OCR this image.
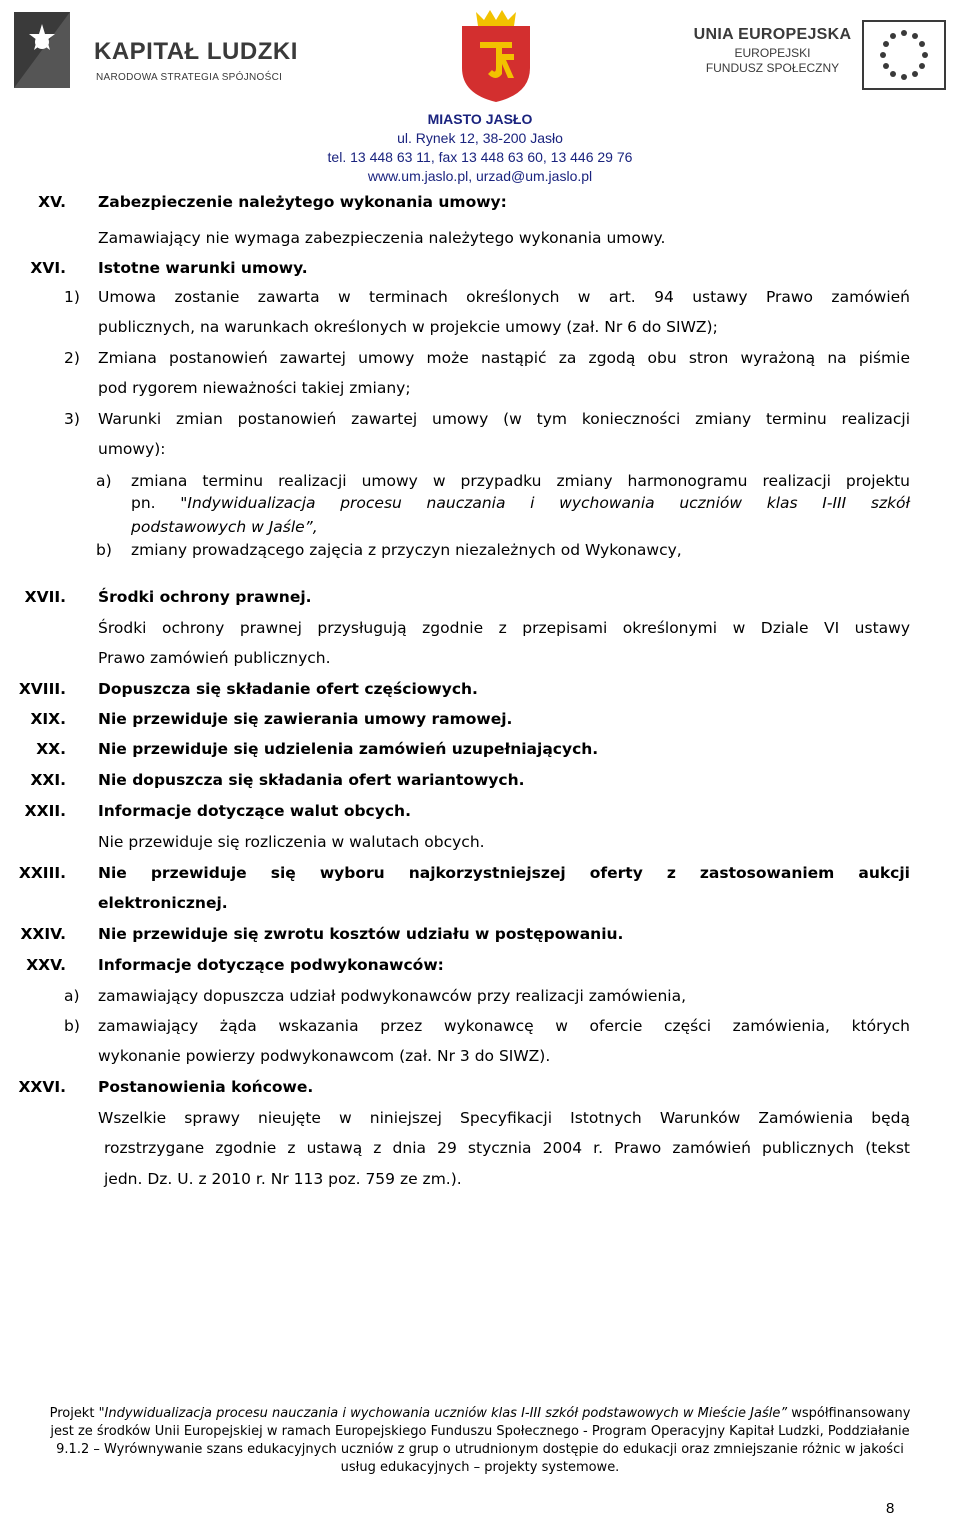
KAPITAŁ LUDZKI
NARODOWA STRATEGIA SPÓJNOŚCI
UNIA EUROPEJSKA
EUROPEJSKI
FUNDUSZ SPOŁECZNY
MIASTO JASŁO
ul. Rynek 12, 38-200 Jasło
tel. 13 448 63 11, fax 13 448 63 60, 13 446 29 76
www.um.jaslo.pl, urzad@um.jaslo.pl
XV. Zabezpieczenie należytego wykonania umowy:
Zamawiający nie wymaga zabezpieczenia należytego wykonania umowy.
XVI. Istotne warunki umowy.
1) Umowa zostanie zawarta w terminach określonych w art. 94 ustawy Prawo zamówień
publicznych, na warunkach określonych w projekcie umowy (zał. Nr 6 do SIWZ);
2) Zmiana postanowień zawartej umowy może nastąpić za zgodą obu stron wyrażoną na piśmie
pod rygorem nieważności takiej zmiany;
3) Warunki zmian postanowień zawartej umowy (w tym konieczności zmiany terminu realizacji
umowy):
a) zmiana terminu realizacji umowy w przypadku zmiany harmonogramu realizacji projektu
pn. "Indywidualizacja procesu nauczania i wychowania uczniów klas I-III szkół
podstawowych w Jaśle”,
b) zmiany prowadzącego zajęcia z przyczyn niezależnych od Wykonawcy,
XVII. Środki ochrony prawnej.
Środki ochrony prawnej przysługują zgodnie z przepisami określonymi w Dziale VI ustawy
Prawo zamówień publicznych.
XVIII. Dopuszcza się składanie ofert częściowych.
XIX. Nie przewiduje się zawierania umowy ramowej.
XX. Nie przewiduje się udzielenia zamówień uzupełniających.
XXI. Nie dopuszcza się składania ofert wariantowych.
XXII. Informacje dotyczące walut obcych.
Nie przewiduje się rozliczenia w walutach obcych.
XXIII. Nie przewiduje się wyboru najkorzystniejszej oferty z zastosowaniem aukcji
elektronicznej.
XXIV. Nie przewiduje się zwrotu kosztów udziału w postępowaniu.
XXV. Informacje dotyczące podwykonawców:
a) zamawiający dopuszcza udział podwykonawców przy realizacji zamówienia,
b) zamawiający żąda wskazania przez wykonawcę w ofercie części zamówienia, których
wykonanie powierzy podwykonawcom (zał. Nr 3 do SIWZ).
XXVI. Postanowienia końcowe.
Wszelkie sprawy nieujęte w niniejszej Specyfikacji Istotnych Warunków Zamówienia będą
rozstrzygane zgodnie z ustawą z dnia 29 stycznia 2004 r. Prawo zamówień publicznych (tekst
jedn. Dz. U. z 2010 r. Nr 113 poz. 759 ze zm.).
Projekt "Indywidualizacja procesu nauczania i wychowania uczniów klas I-III szkół podstawowych w Mieście Jaśle” współfinansowany
jest ze środków Unii Europejskiej w ramach Europejskiego Funduszu Społecznego - Program Operacyjny Kapitał Ludzki, Poddziałanie
9.1.2 – Wyrównywanie szans edukacyjnych uczniów z grup o utrudnionym dostępie do edukacji oraz zmniejszanie różnic w jakości
usług edukacyjnych – projekty systemowe.
8
